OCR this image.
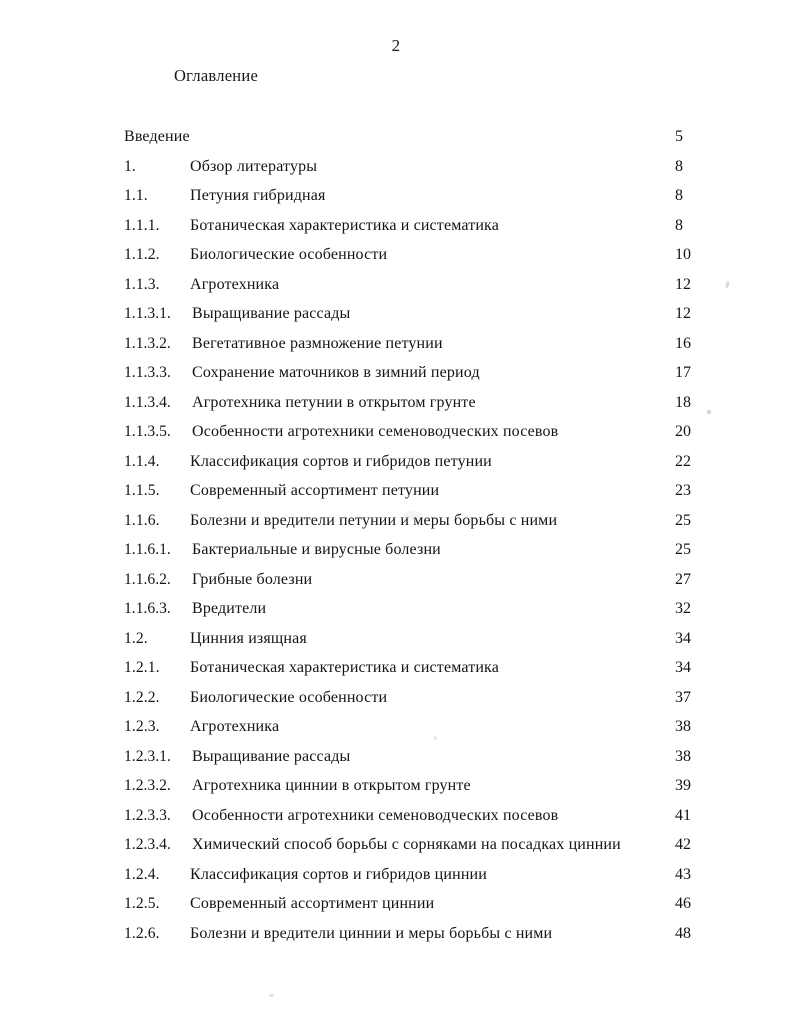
2
Оглавление
Введение	5
1.	Обзор литературы	8
1.1.	Петуния гибридная	8
1.1.1.	Ботаническая характеристика и систематика	8
1.1.2.	Биологические особенности	10
1.1.3.	Агротехника	12
1.1.3.1.	Выращивание рассады	12
1.1.3.2.	Вегетативное размножение петунии	16
1.1.3.3.	Сохранение маточников в зимний период	17
1.1.3.4.	Агротехника петунии в открытом грунте	18
1.1.3.5.	Особенности агротехники семеноводческих посевов	20
1.1.4.	Классификация сортов и гибридов петунии	22
1.1.5.	Современный ассортимент петунии	23
1.1.6.	Болезни и вредители петунии и меры борьбы с ними	25
1.1.6.1.	Бактериальные и вирусные болезни	25
1.1.6.2.	Грибные болезни	27
1.1.6.3.	Вредители	32
1.2.	Цинния изящная	34
1.2.1.	Ботаническая характеристика и систематика	34
1.2.2.	Биологические особенности	37
1.2.3.	Агротехника	38
1.2.3.1.	Выращивание рассады	38
1.2.3.2.	Агротехника циннии в открытом грунте	39
1.2.3.3.	Особенности агротехники семеноводческих посевов	41
1.2.3.4.	Химический способ борьбы с сорняками на посадках циннии	42
1.2.4.	Классификация сортов и гибридов циннии	43
1.2.5.	Современный ассортимент циннии	46
1.2.6.	Болезни и вредители циннии и меры борьбы с ними	48
